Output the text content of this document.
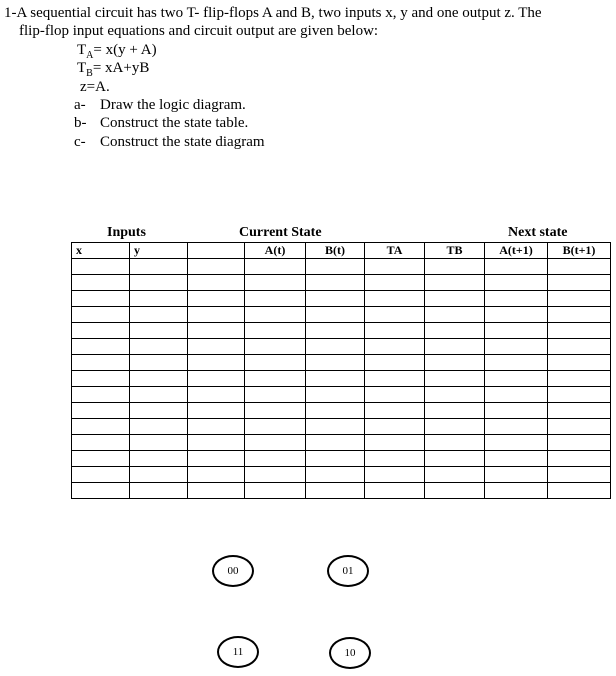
1-A sequential circuit has two T- flip-flops A and B, two inputs x, y and one output z. The
flip-flop input equations and circuit output are given below:
$T_A= x(y + A)$
$T_B= xA+yB$
z=A.
a- Draw the logic diagram.
b- Construct the state table.
c- Construct the state diagram
Inputs	Current State	Next state
x	y		A(t)	B(t)	TA	TB	A(t+1)	B(t+1)

00	01
11	10
